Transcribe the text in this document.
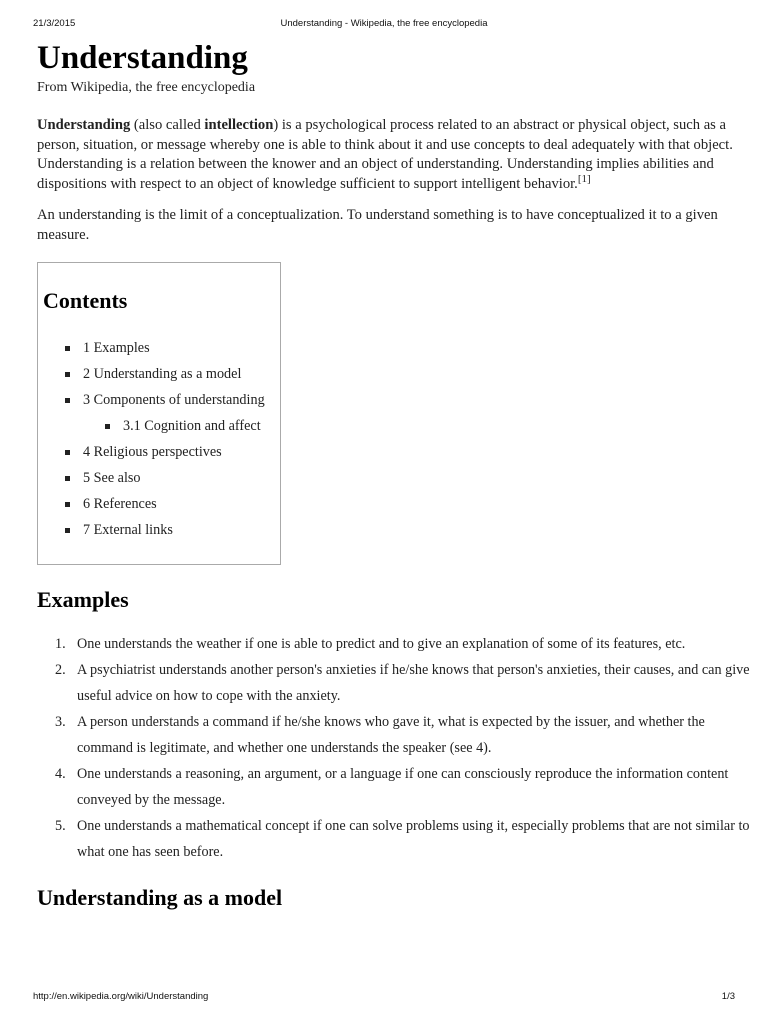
21/3/2015	Understanding - Wikipedia, the free encyclopedia
Understanding
From Wikipedia, the free encyclopedia

Understanding (also called intellection) is a psychological process related to an abstract or physical object, such as a person, situation, or message whereby one is able to think about it and use concepts to deal adequately with that object. Understanding is a relation between the knower and an object of understanding. Understanding implies abilities and dispositions with respect to an object of knowledge sufficient to support intelligent behavior.[1]

An understanding is the limit of a conceptualization. To understand something is to have conceptualized it to a given measure.

Contents
1 Examples
2 Understanding as a model
3 Components of understanding
3.1 Cognition and affect
4 Religious perspectives
5 See also
6 References
7 External links
Examples
1. One understands the weather if one is able to predict and to give an explanation of some of its features, etc.
2. A psychiatrist understands another person's anxieties if he/she knows that person's anxieties, their causes, and can give useful advice on how to cope with the anxiety.
3. A person understands a command if he/she knows who gave it, what is expected by the issuer, and whether the command is legitimate, and whether one understands the speaker (see 4).
4. One understands a reasoning, an argument, or a language if one can consciously reproduce the information content conveyed by the message.
5. One understands a mathematical concept if one can solve problems using it, especially problems that are not similar to what one has seen before.
Understanding as a model
http://en.wikipedia.org/wiki/Understanding	1/3
